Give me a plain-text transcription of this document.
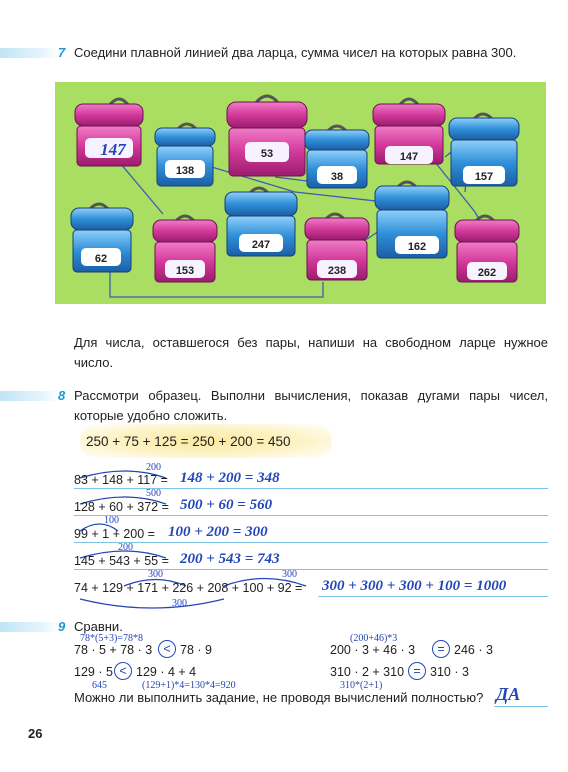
7 Соедини плавной линией два ларца, сумма чисел на которых равна 300.
147
138
53
38
147
157
62
153
247
238
162
262
Для числа, оставшегося без пары, напиши на свободном ларце нужное число.
8 Рассмотри образец. Выполни вычисления, показав дугами пары чисел, которые удобно сложить.
250 + 75 + 125 = 250 + 200 = 450
200
83 + 148 + 117 = 148 + 200 = 348
500
128 + 60 + 372 = 500 + 60 = 560
100
99 + 1 + 200 = 100 + 200 = 300
200
145 + 543 + 55 = 200 + 543 = 743
300	300
74 + 129 + 171 + 226 + 208 + 100 + 92 = 300 + 300 + 300 + 100 = 1000
300
9 Сравни.
78*(5+3)=78*8
78 · 5 + 78 · 3 < 78 · 9
129 · 5 < 129 · 4 + 4
645	(129+1)*4=130*4=920
(200+46)*3
200 · 3 + 46 · 3	= 246 · 3
310 · 2 + 310 = 310 · 3
310*(2+1)
Можно ли выполнить задание, не проводя вычислений полностью? ДА
26
